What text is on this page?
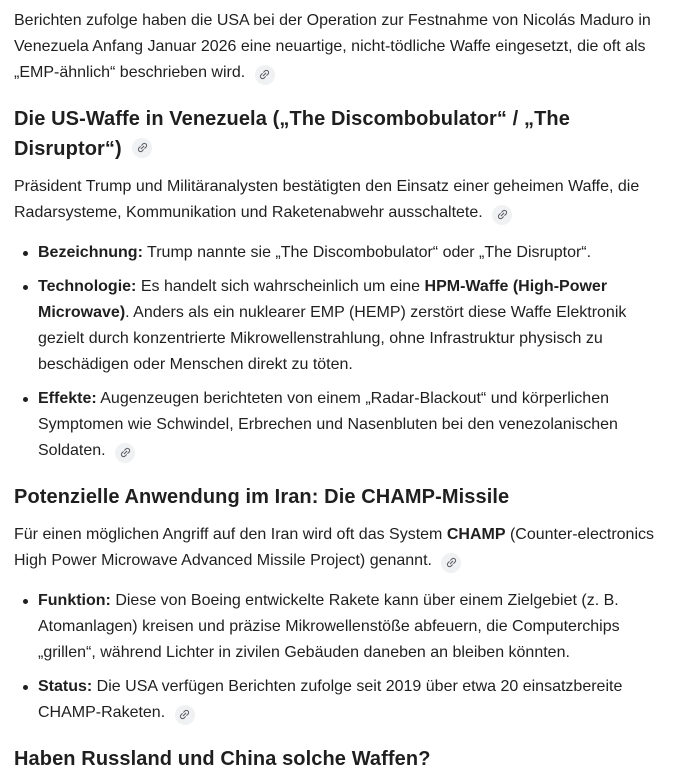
Berichten zufolge haben die USA bei der Operation zur Festnahme von Nicolás Maduro in Venezuela Anfang Januar 2026 eine neuartige, nicht-tödliche Waffe eingesetzt, die oft als „EMP-ähnlich“ beschrieben wird.

Die US-Waffe in Venezuela („The Discombobulator“ / „The Disruptor“)

Präsident Trump und Militäranalysten bestätigten den Einsatz einer geheimen Waffe, die Radarsysteme, Kommunikation und Raketenabwehr ausschaltete.

Bezeichnung: Trump nannte sie „The Discombobulator“ oder „The Disruptor“.
Technologie: Es handelt sich wahrscheinlich um eine HPM-Waffe (High-Power Microwave). Anders als ein nuklearer EMP (HEMP) zerstört diese Waffe Elektronik gezielt durch konzentrierte Mikrowellenstrahlung, ohne Infrastruktur physisch zu beschädigen oder Menschen direkt zu töten.
Effekte: Augenzeugen berichteten von einem „Radar-Blackout“ und körperlichen Symptomen wie Schwindel, Erbrechen und Nasenbluten bei den venezolanischen Soldaten.
Potenzielle Anwendung im Iran: Die CHAMP-Missile

Für einen möglichen Angriff auf den Iran wird oft das System CHAMP (Counter-electronics High Power Microwave Advanced Missile Project) genannt.

Funktion: Diese von Boeing entwickelte Rakete kann über einem Zielgebiet (z. B. Atomanlagen) kreisen und präzise Mikrowellenstöße abfeuern, die Computerchips „grillen“, während Lichter in zivilen Gebäuden daneben an bleiben könnten.
Status: Die USA verfügen Berichten zufolge seit 2019 über etwa 20 einsatzbereite CHAMP-Raketen.
Haben Russland und China solche Waffen?
